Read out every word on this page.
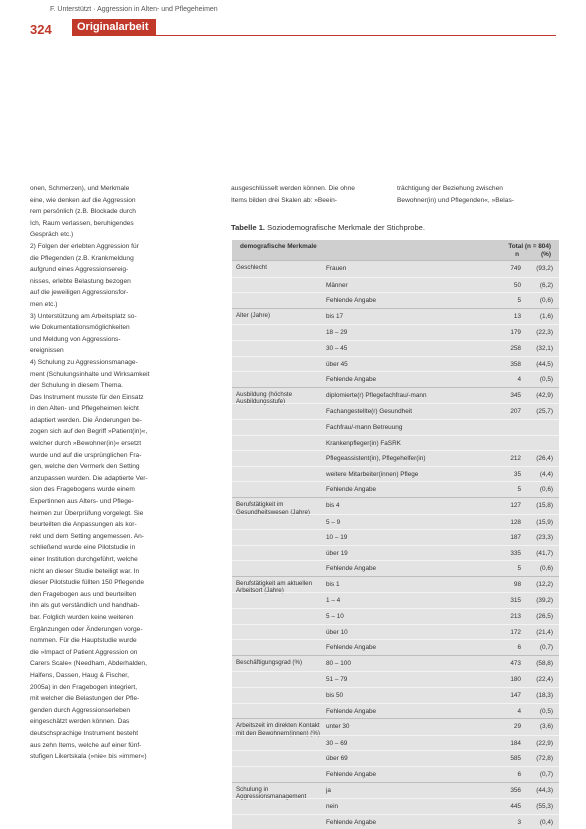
F. Unterstützt · Aggression in Alten- und Pflegeheimen
324	Originalarbeit
onen, Schmerzen), und Merkmale
eine, wie denken auf die Aggression
rem persönlich (z.B. Blockade durch
Ich, Raum verlassen, beruhigendes
Gespräch etc.)
2) Folgen der erlebten Aggression für
die Pflegenden (z.B. Krankmeldung
aufgrund eines Aggressionsereig-
nisses, erlebte Belastung bezogen
auf die jeweiligen Aggressionsfor-
men etc.)
3) Unterstützung am Arbeitsplatz so-
wie Dokumentationsmöglichkeiten
und Meldung von Aggressions-
ereignissen
4) Schulung zu Aggressionsmanage-
ment (Schulungsinhalte und Wirksamkeit
der Schulung in diesem Thema.
Das Instrument musste für den Einsatz
in den Alten- und Pflegeheimen leicht
adaptiert werden. Die Änderungen be-
zogen sich auf den Begriff »Patient(in)«,
welcher durch »Bewohner(in)« ersetzt
wurde und auf die ursprünglichen Fra-
gen, welche den Vermerk den Setting
anzupassen wurden. Die adaptierte Ver-
sion des Fragebogens wurde einem
Expertinnen aus Alters- und Pflege-
heimen zur Überprüfung vorgelegt. Sie
beurteilten die Anpassungen als kor-
rekt und dem Setting angemessen. An-
schließend wurde eine Pilotstudie in
einer Institution durchgeführt, welche
nicht an dieser Studie beteiligt war. In
dieser Pilotstudie füllten 150 Pflegende
den Fragebogen aus und beurteilten
ihn als gut verständlich und handhab-
bar. Folglich wurden keine weiteren
Ergänzungen oder Änderungen vorge-
nommen. Für die Hauptstudie wurde
die »Impact of Patient Aggression on
Carers Scale« (Needham, Abderhalden,
Halfens, Dassen, Haug & Fischer,
2005a) in den Fragebogen integriert,
mit welcher die Belastungen der Pfle-
genden durch Aggressionserleben
eingeschätzt werden können. Das
deutschsprachige Instrument besteht
aus zehn Items, welche auf einer fünf-
stufigen Likertskala (»nie« bis »immer«)
ausgeschlüsselt werden können. Die ohne
Items bilden drei Skalen ab: »Beein-
trächtigung der Beziehung zwischen
Bewohner(in) und Pflegenden«, »Belas-
Tabelle 1. Soziodemografische Merkmale der Stichprobe.
demografische Merkmale	Total (n = 804)
n	(%)
Geschlecht	Frauen	749 (93,2)
Männer	50	(6,2)
Fehlende Angabe	5	(0,6)
Alter (Jahre)	bis 17	13	(1,6)
18 – 29	179 (22,3)
30 – 45	258 (32,1)
über 45	358 (44,5)
Fehlende Angabe	4	(0,5)
Ausbildung (höchste Ausbildungsstufe)
diplomierte(r) Pflegefachfrau/-mann	345 (42,9)
Fachangestellte(r) Gesundheit	207 (25,7)
Fachfrau/-mann Betreuung
Krankenpfleger(in) FaSRK
Pflegeassistent(in), Pflegehelfer(in)	212 (26,4)
weitere Mitarbeiter(innen) Pflege	35	(4,4)
Fehlende Angabe	5	(0,6)
Berufstätigkeit im Gesundheitswesen (Jahre)
bis 4	127 (15,8)
5 – 9	128 (15,9)
10 – 19	187 (23,3)
über 19	335 (41,7)
Fehlende Angabe	5	(0,6)
Berufstätigkeit am aktuellen Arbeitsort (Jahre)
bis 1	98 (12,2)
1 – 4	315 (39,2)
5 – 10	213 (26,5)
über 10	172 (21,4)
Fehlende Angabe	6	(0,7)
Beschäftigungsgrad (%)	80 – 100	473 (58,8)
51 – 79	180 (22,4)
bis 50	147 (18,3)
Fehlende Angabe	4	(0,5)
Arbeitszeit im direkten Kontakt mit den Bewohnern(innen) (%)
unter 30	29	(3,6)
30 – 69	184 (22,9)
über 69	585 (72,8)
Fehlende Angabe	6	(0,7)
Schulung in Aggressionsmanagement
ja	356 (44,3)
nein	445 (55,3)
Fehlende Angabe	3	(0,4)
